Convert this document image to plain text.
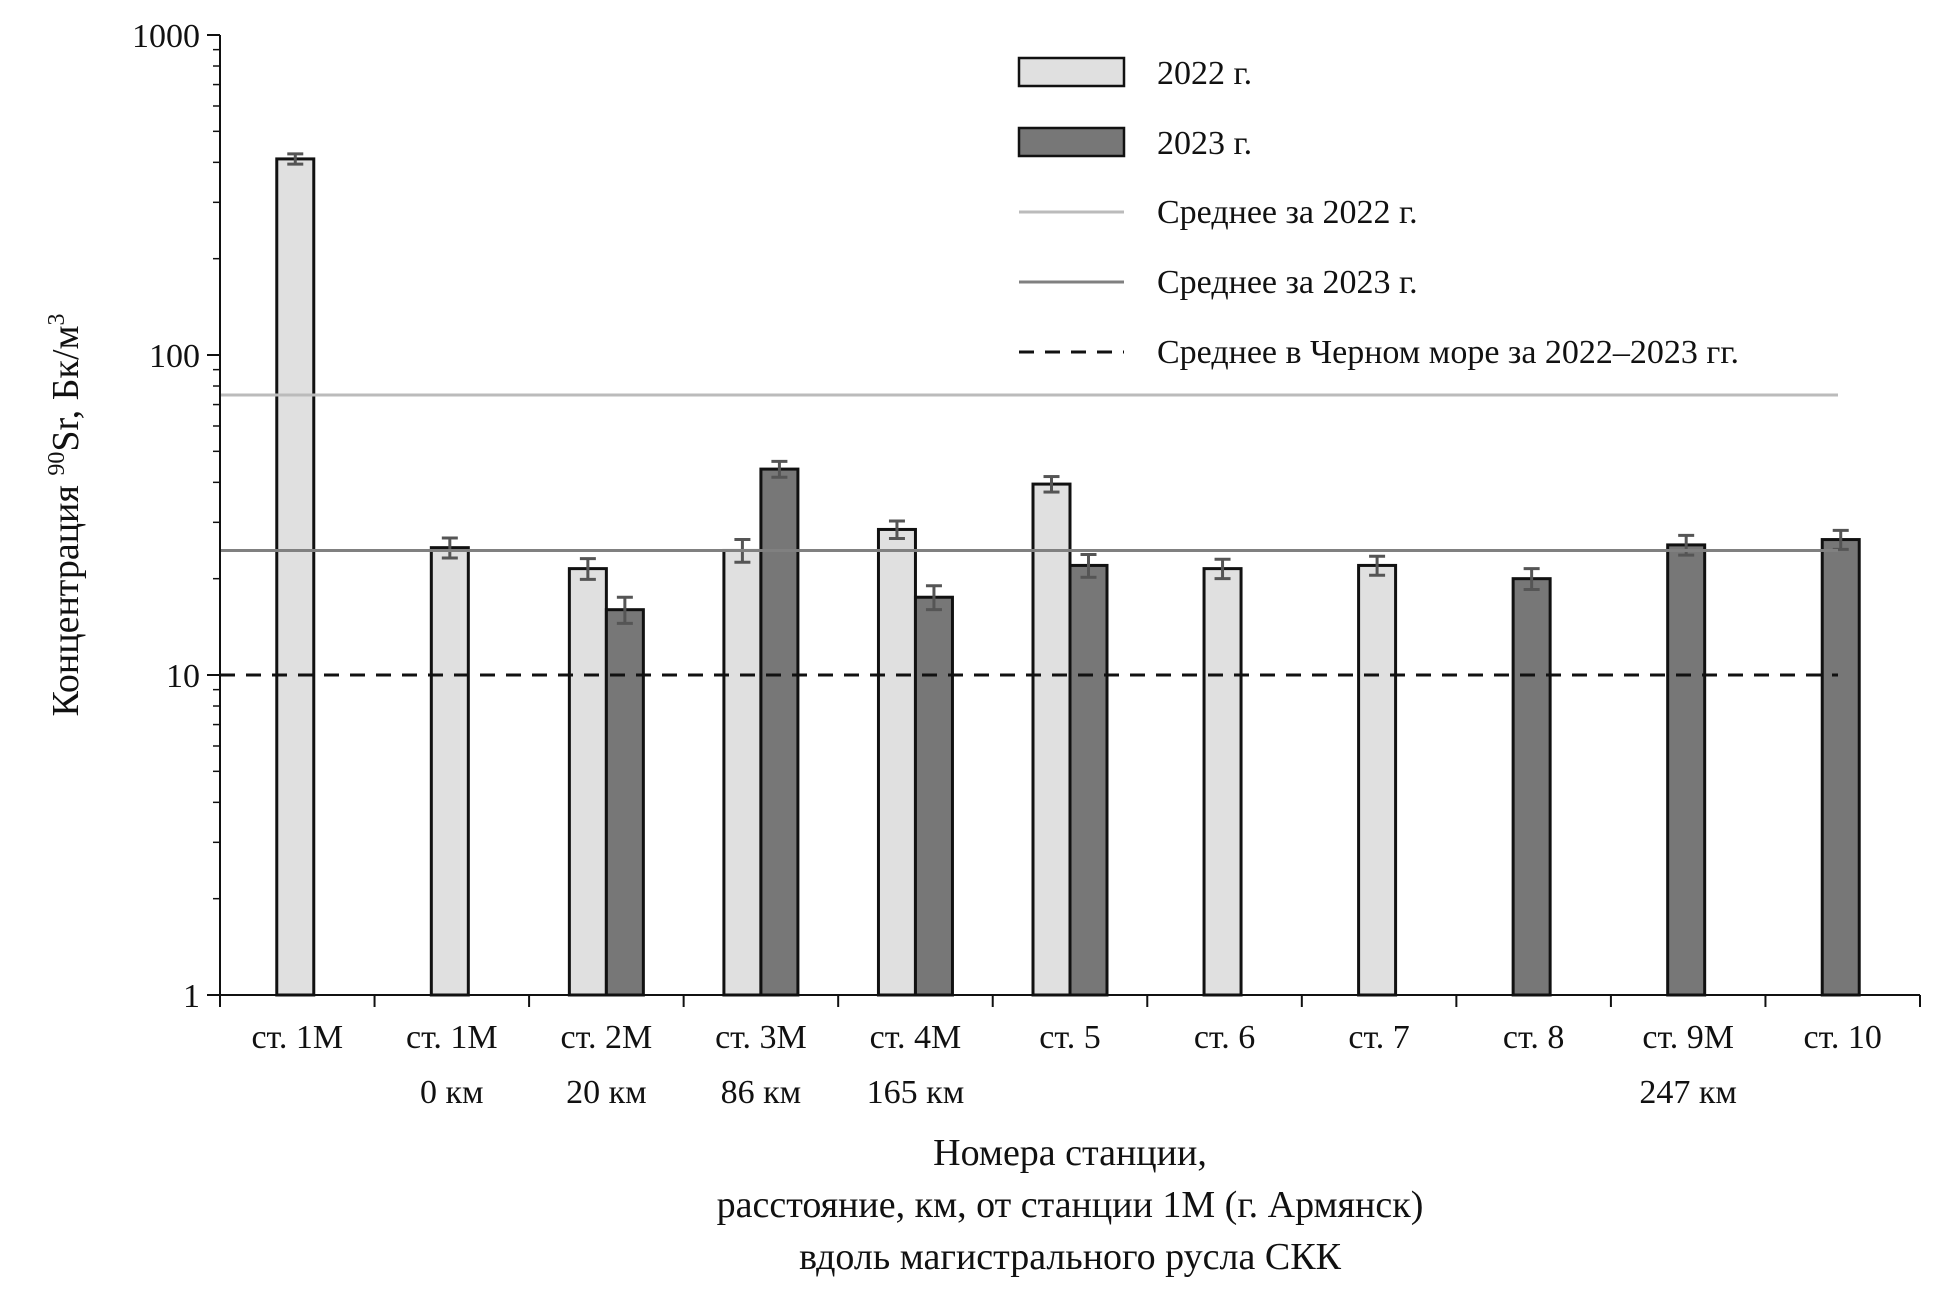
1
10
100
1000
ст. 1М ст. 1М
0 км
ст. 2М
20 км
ст. 3М
86 км
ст. 4М
165 км
ст. 5	ст. 6	ст. 7	ст. 8 ст. 9М
247 км
ст. 10
Концентрация $^{90}$Sr, $Бк/м^3$
Номера станции,
расстояние, км, от станции 1М (г. Армянск)
вдоль магистрального русла СКК
2022 г.
2023 г.
Среднее за 2022 г.
Среднее за 2023 г.
Среднее в Черном море за 2022–2023 гг.
